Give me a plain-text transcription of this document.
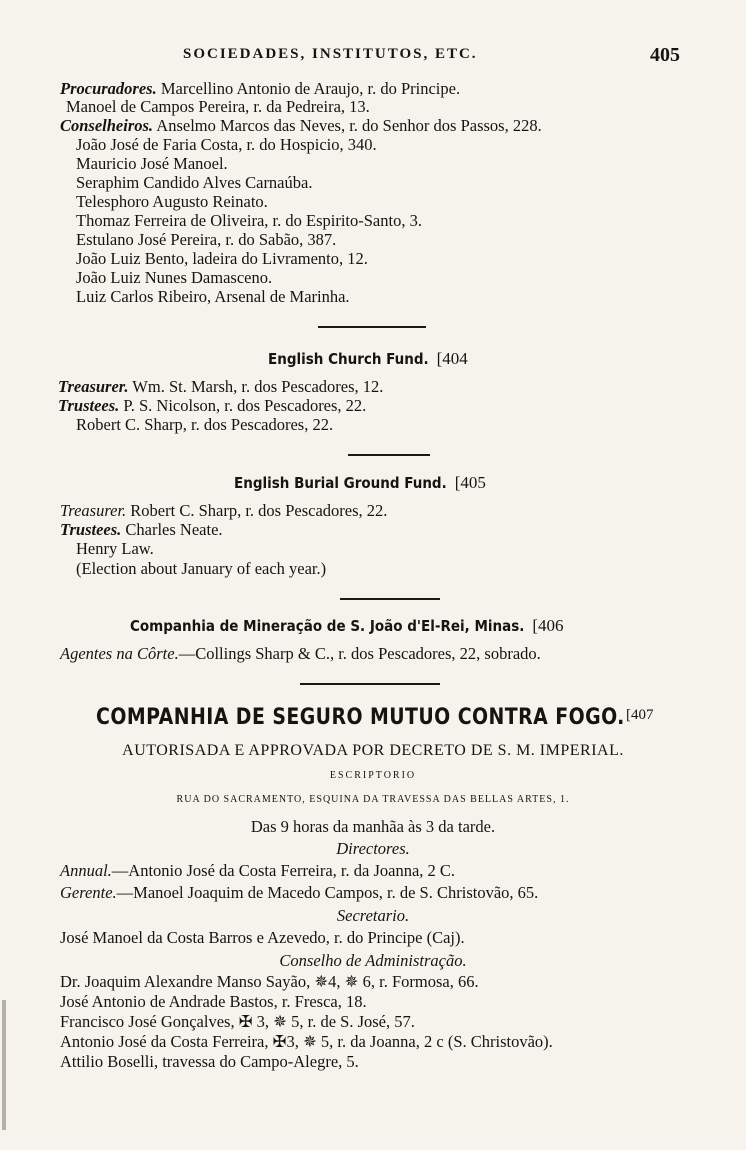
SOCIEDADES, INSTITUTOS, ETC.	405
Procuradores. Marcellino Antonio de Araujo, r. do Principe.
Manoel de Campos Pereira, r. da Pedreira, 13.
Conselheiros. Anselmo Marcos das Neves, r. do Senhor dos Passos, 228.
João José de Faria Costa, r. do Hospicio, 340.
Mauricio José Manoel.
Seraphim Candido Alves Carnaúba.
Telesphoro Augusto Reinato.
Thomaz Ferreira de Oliveira, r. do Espirito-Santo, 3.
Estulano José Pereira, r. do Sabão, 387.
João Luiz Bento, ladeira do Livramento, 12.
João Luiz Nunes Damasceno.
Luiz Carlos Ribeiro, Arsenal de Marinha.
English Church Fund. [404
Treasurer. Wm. St. Marsh, r. dos Pescadores, 12.
Trustees. P. S. Nicolson, r. dos Pescadores, 22.
Robert C. Sharp, r. dos Pescadores, 22.
English Burial Ground Fund. [405
Treasurer. Robert C. Sharp, r. dos Pescadores, 22.
Trustees. Charles Neate.
Henry Law.
(Election about January of each year.)
Companhia de Mineração de S. João d'El-Rei, Minas. [406
Agentes na Côrte.—Collings Sharp & C., r. dos Pescadores, 22, sobrado.
COMPANHIA DE SEGURO MUTUO CONTRA FOGO. [407
AUTORISADA E APPROVADA POR DECRETO DE S. M. IMPERIAL.
ESCRIPTORIO
RUA DO SACRAMENTO, ESQUINA DA TRAVESSA DAS BELLAS ARTES, 1.
Das 9 horas da manhãa às 3 da tarde.
Directores.
Annual.—Antonio José da Costa Ferreira, r. da Joanna, 2 C.
Gerente.—Manoel Joaquim de Macedo Campos, r. de S. Christovão, 65.
Secretario.
José Manoel da Costa Barros e Azevedo, r. do Principe (Caj).
Conselho de Administração.
Dr. Joaquim Alexandre Manso Sayão, ✵4, ✵ 6, r. Formosa, 66.
José Antonio de Andrade Bastos, r. Fresca, 18.
Francisco José Gonçalves, ✠ 3, ✵ 5, r. de S. José, 57.
Antonio José da Costa Ferreira, ✠3, ✵ 5, r. da Joanna, 2 c (S. Christovão).
Attilio Boselli, travessa do Campo-Alegre, 5.
